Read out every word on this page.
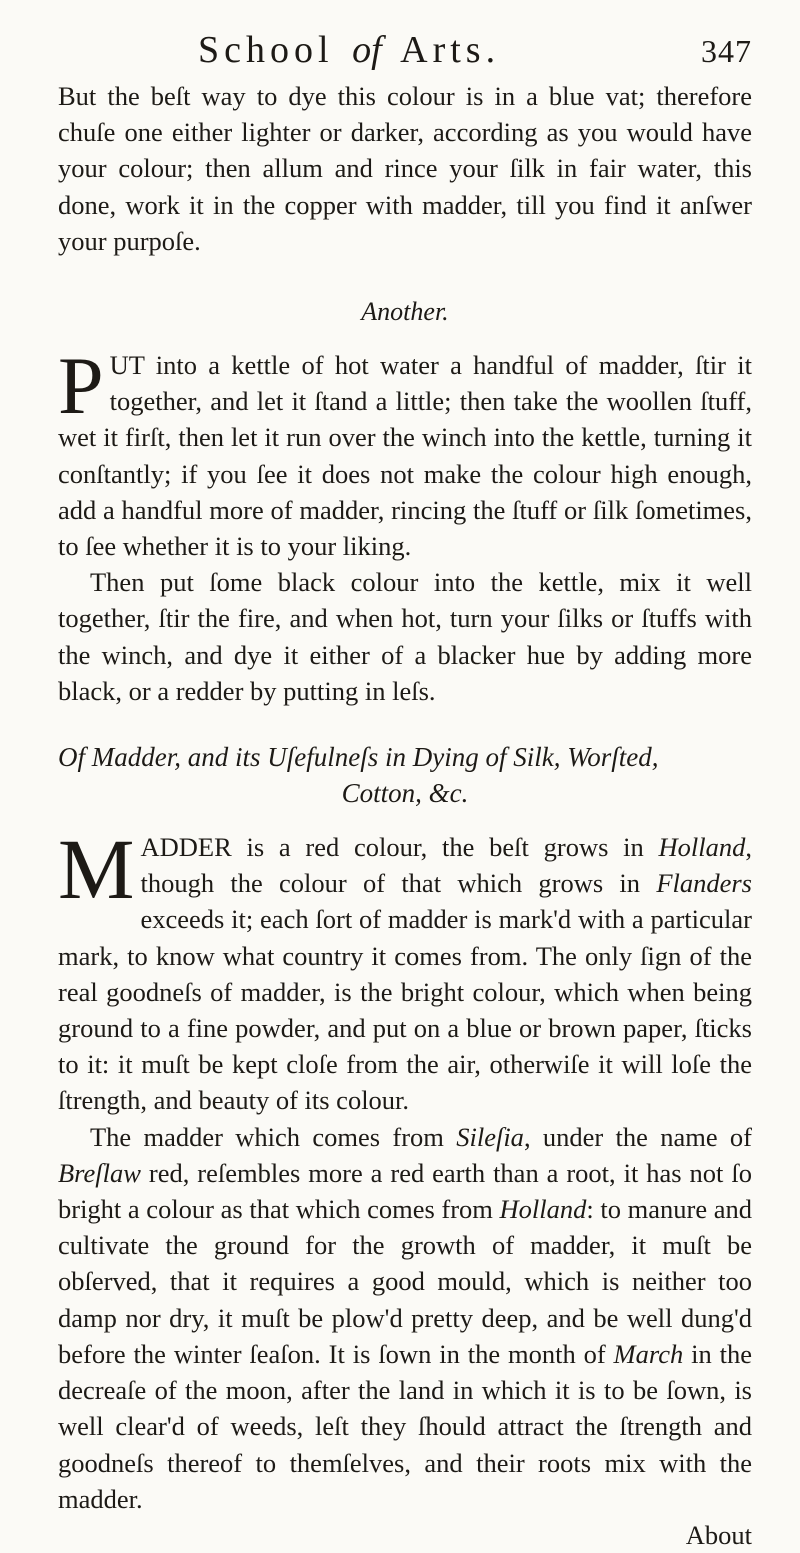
School of Arts.	347

But the beſt way to dye this colour is in a blue vat; therefore chuſe one either lighter or darker, according as you would have your colour; then allum and rince your ſilk in fair water, this done, work it in the copper with madder, till you find it anſwer your purpoſe.

Another.

PUT into a kettle of hot water a handful of madder, ſtir it together, and let it ſtand a little; then take the woollen ſtuff, wet it firſt, then let it run over the winch into the kettle, turning it conſtantly; if you ſee it does not make the colour high enough, add a handful more of madder, rincing the ſtuff or ſilk ſometimes, to ſee whether it is to your liking.

Then put ſome black colour into the kettle, mix it well together, ſtir the fire, and when hot, turn your ſilks or ſtuffs with the winch, and dye it either of a blacker hue by adding more black, or a redder by putting in leſs.

Of Madder, and its Uſefulneſs in Dying of Silk, Worſted,
Cotton, &c.

MADDER is a red colour, the beſt grows in Holland, though the colour of that which grows in Flanders exceeds it; each ſort of madder is mark'd with a particular mark, to know what country it comes from. The only ſign of the real goodneſs of madder, is the bright colour, which when being ground to a fine powder, and put on a blue or brown paper, ſticks to it: it muſt be kept cloſe from the air, otherwiſe it will loſe the ſtrength, and beauty of its colour.

The madder which comes from Sileſia, under the name of Breſlaw red, reſembles more a red earth than a root, it has not ſo bright a colour as that which comes from Holland: to manure and cultivate the ground for the growth of madder, it muſt be obſerved, that it requires a good mould, which is neither too damp nor dry, it muſt be plow'd pretty deep, and be well dung'd before the winter ſeaſon. It is ſown in the month of March in the decreaſe of the moon, after the land in which it is to be ſown, is well clear'd of weeds, leſt they ſhould attract the ſtrength and goodneſs thereof to themſelves, and their roots mix with the madder.

About
